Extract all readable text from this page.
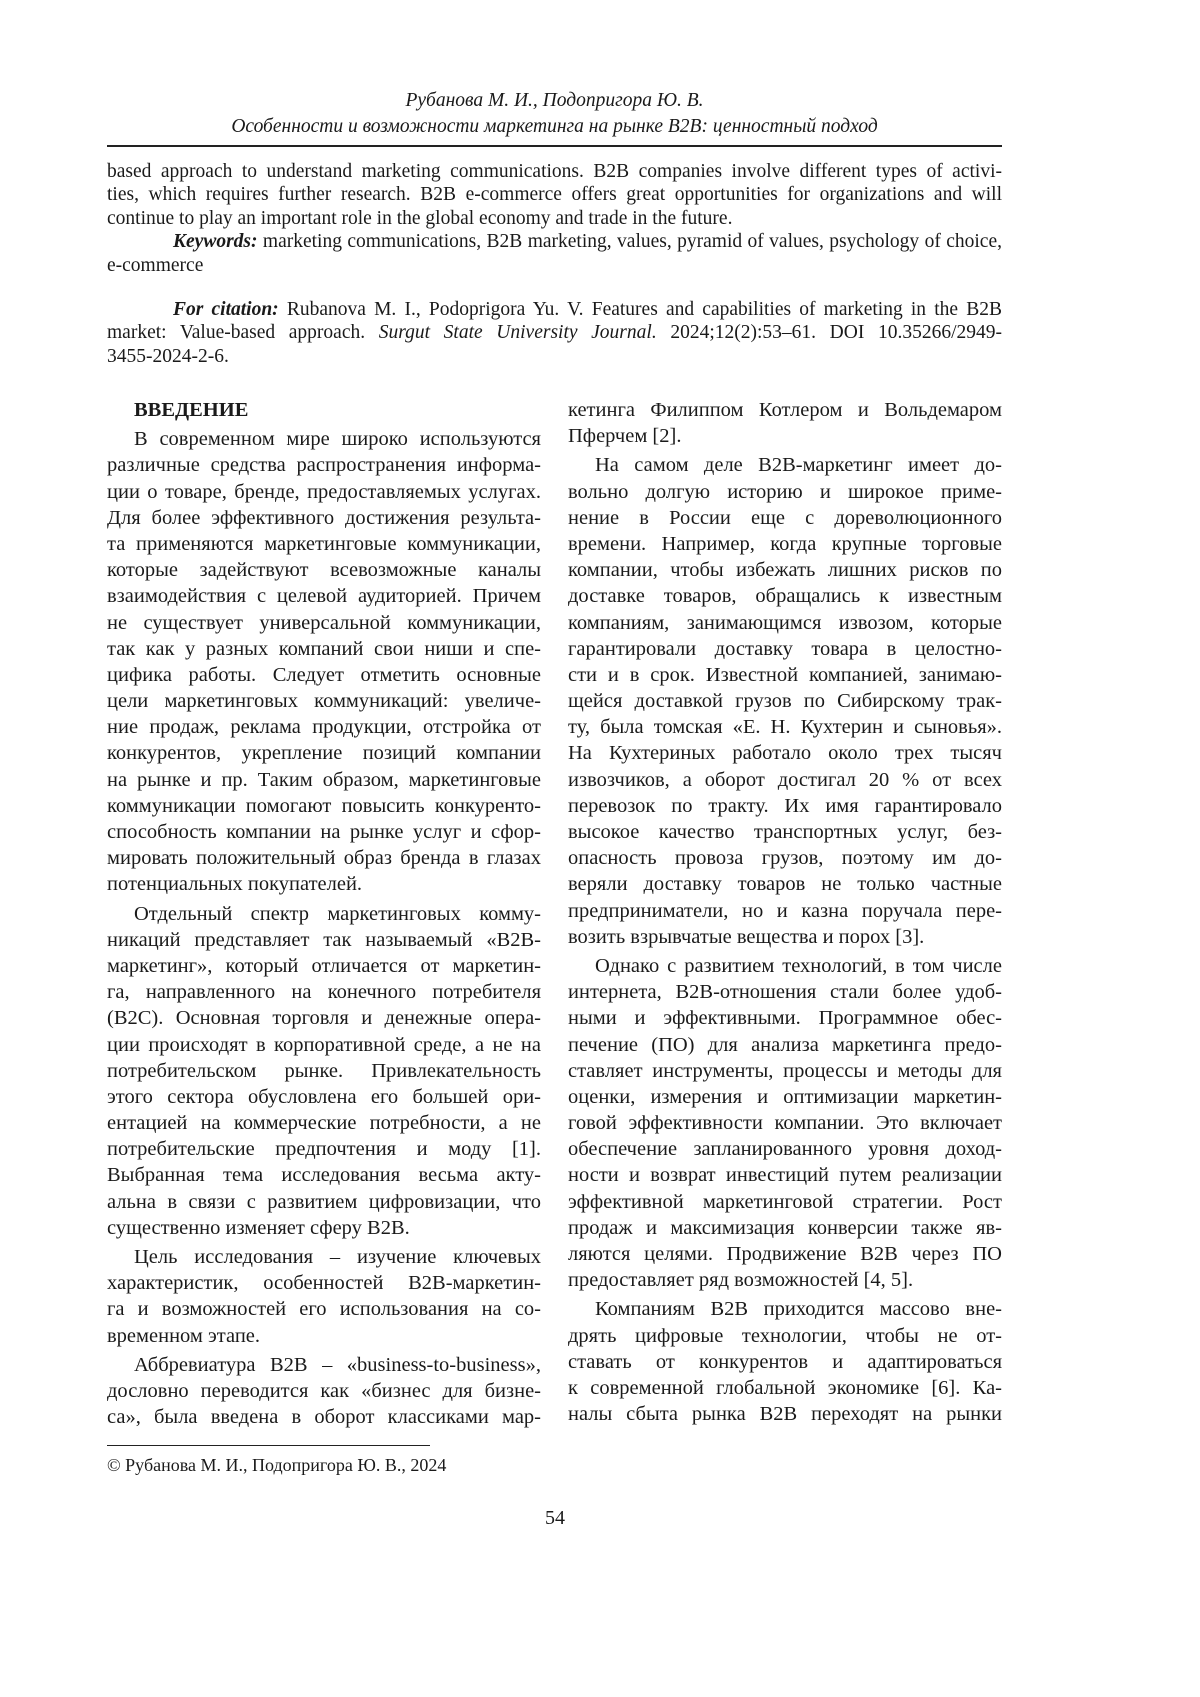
Рубанова М. И., Подопригора Ю. В.
Особенности и возможности маркетинга на рынке B2B: ценностный подход
based approach to understand marketing communications. B2B companies involve different types of activi-
ties, which requires further research. B2B e-commerce offers great opportunities for organizations and will
continue to play an important role in the global economy and trade in the future.
Keywords: marketing communications, B2B marketing, values, pyramid of values, psychology of choice,
e-commerce
For citation: Rubanova M. I., Podoprigora Yu. V. Features and capabilities of marketing in the B2B
market: Value-based approach. Surgut State University Journal. 2024;12(2):53–61. DOI 10.35266/2949-
3455-2024-2-6.
ВВЕДЕНИЕ
В современном мире широко используются
различные средства распространения информа-
ции о товаре, бренде, предоставляемых услугах.
Для более эффективного достижения результа-
та применяются маркетинговые коммуникации,
которые задействуют всевозможные каналы
взаимодействия с целевой аудиторией. Причем
не существует универсальной коммуникации,
так как у разных компаний свои ниши и спе-
цифика работы. Следует отметить основные
цели маркетинговых коммуникаций: увеличе-
ние продаж, реклама продукции, отстройка от
конкурентов, укрепление позиций компании
на рынке и пр. Таким образом, маркетинговые
коммуникации помогают повысить конкуренто-
способность компании на рынке услуг и сфор-
мировать положительный образ бренда в глазах
потенциальных покупателей.
Отдельный спектр маркетинговых комму-
никаций представляет так называемый «B2B-
маркетинг», который отличается от маркетин-
га, направленного на конечного потребителя
(B2C). Основная торговля и денежные опера-
ции происходят в корпоративной среде, а не на
потребительском рынке. Привлекательность
этого сектора обусловлена его большей ори-
ентацией на коммерческие потребности, а не
потребительские предпочтения и моду [1].
Выбранная тема исследования весьма акту-
альна в связи с развитием цифровизации, что
существенно изменяет сферу B2B.
Цель исследования – изучение ключевых
характеристик, особенностей B2B-маркетин-
га и возможностей его использования на со-
временном этапе.
Аббревиатура B2B – «business-to-business»,
дословно переводится как «бизнес для бизне-
са», была введена в оборот классиками мар-
кетинга Филиппом Котлером и Вольдемаром
Пферчем [2].
На самом деле B2B-маркетинг имеет до-
вольно долгую историю и широкое приме-
нение в России еще с дореволюционного
времени. Например, когда крупные торговые
компании, чтобы избежать лишних рисков по
доставке товаров, обращались к известным
компаниям, занимающимся извозом, которые
гарантировали доставку товара в целостно-
сти и в срок. Известной компанией, занимаю-
щейся доставкой грузов по Сибирскому трак-
ту, была томская «Е. Н. Кухтерин и сыновья».
На Кухтериных работало около трех тысяч
извозчиков, а оборот достигал 20 % от всех
перевозок по тракту. Их имя гарантировало
высокое качество транспортных услуг, без-
опасность провоза грузов, поэтому им до-
веряли доставку товаров не только частные
предприниматели, но и казна поручала пере-
возить взрывчатые вещества и порох [3].
Однако с развитием технологий, в том числе
интернета, B2B-отношения стали более удоб-
ными и эффективными. Программное обес-
печение (ПО) для анализа маркетинга предо-
ставляет инструменты, процессы и методы для
оценки, измерения и оптимизации маркетин-
говой эффективности компании. Это включает
обеспечение запланированного уровня доход-
ности и возврат инвестиций путем реализации
эффективной маркетинговой стратегии. Рост
продаж и максимизация конверсии также яв-
ляются целями. Продвижение B2B через ПО
предоставляет ряд возможностей [4, 5].
Компаниям B2B приходится массово вне-
дрять цифровые технологии, чтобы не от-
ставать от конкурентов и адаптироваться
к современной глобальной экономике [6]. Ка-
налы сбыта рынка B2B переходят на рынки
© Рубанова М. И., Подопригора Ю. В., 2024
54
